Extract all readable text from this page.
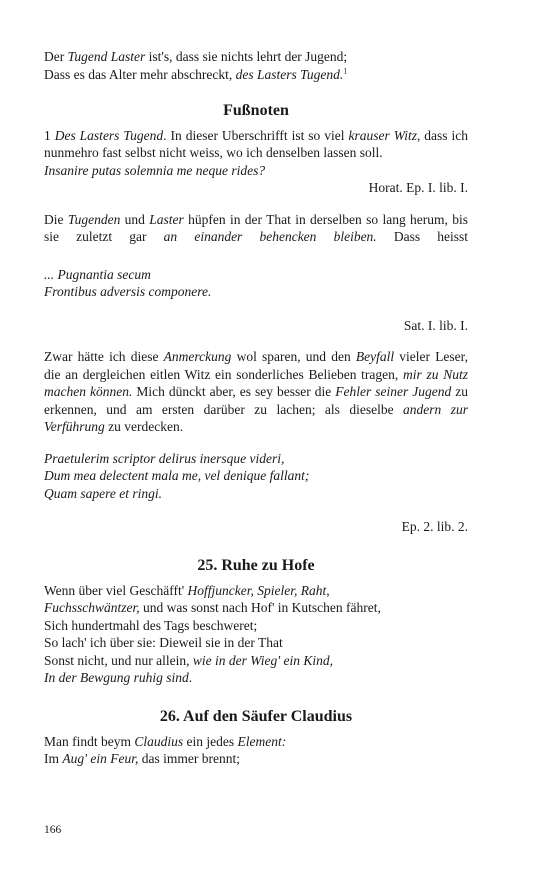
Der Tugend Laster ist's, dass sie nichts lehrt der Jugend;

Dass es das Alter mehr abschreckt, des Lasters Tugend.$^1$

Fußnoten

1 Des Lasters Tugend. In dieser Uberschrifft ist so viel krauser Witz, dass ich nunmehro fast selbst nicht weiss, wo ich denselben lassen soll.

Insanire putas solemnia me neque rides?

Horat. Ep. I. lib. I.

Die Tugenden und Laster hüpfen in der That in derselben so lang herum, bis sie zuletzt gar an einander behencken bleiben. Dass heisst

... Pugnantia secum

Frontibus adversis componere.

Sat. I. lib. I.

Zwar hätte ich diese Anmerckung wol sparen, und den Beyfall vieler Leser, die an dergleichen eitlen Witz ein sonderliches Belieben tragen, mir zu Nutz machen können. Mich dünckt aber, es sey besser die Fehler seiner Jugend zu erkennen, und am ersten darüber zu lachen; als dieselbe andern zur Verführung zu verdecken.

Praetulerim scriptor delirus inersque videri,

Dum mea delectent mala me, vel denique fallant;

Quam sapere et ringi.

Ep. 2. lib. 2.
25. Ruhe zu Hofe

Wenn über viel Geschäfft' Hoffjuncker, Spieler, Raht,

Fuchsschwäntzer, und was sonst nach Hof' in Kutschen fähret,

Sich hundertmahl des Tags beschweret;

So lach' ich über sie: Dieweil sie in der That

Sonst nicht, und nur allein, wie in der Wieg' ein Kind,

In der Bewgung ruhig sind.

26. Auf den Säufer Claudius

Man findt beym Claudius ein jedes Element:

Im Aug' ein Feur, das immer brennt;

166
